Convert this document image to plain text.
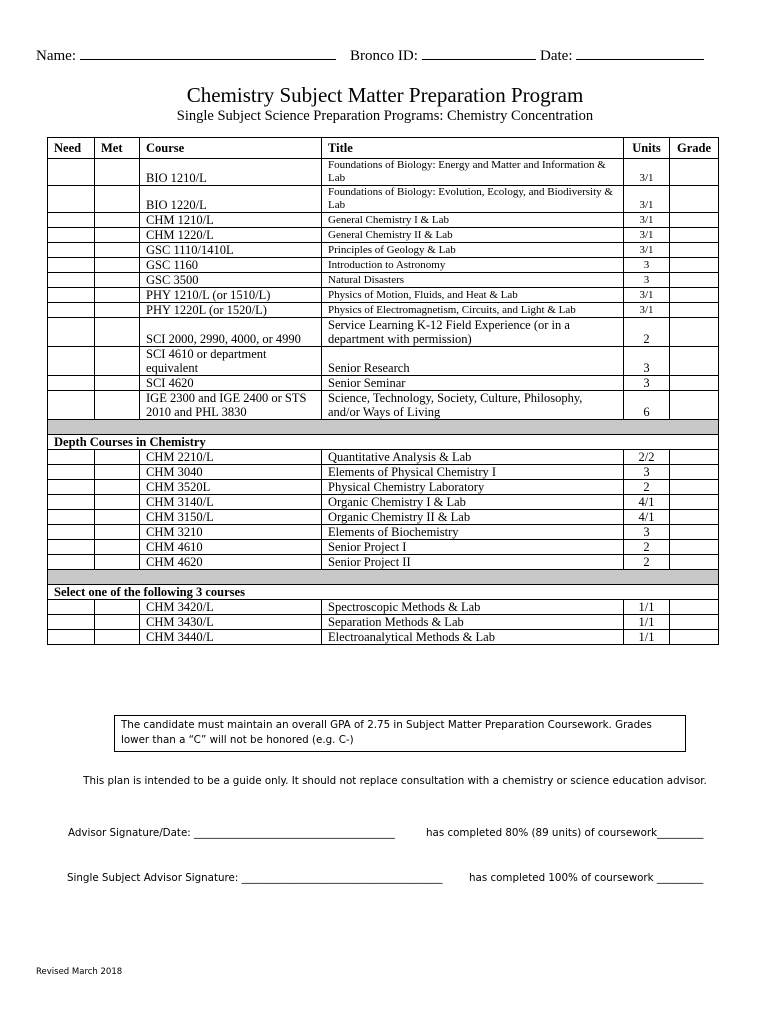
Name:	Bronco ID:	Date:
Chemistry Subject Matter Preparation Program
Single Subject Science Preparation Programs: Chemistry Concentration
Need	Met	Course	Title	Units	Grade
		BIO 1210/L	Foundations of Biology: Energy and Matter and Information & Lab	3/1	
		BIO 1220/L	Foundations of Biology: Evolution, Ecology, and Biodiversity & Lab	3/1	
		CHM 1210/L	General Chemistry I & Lab	3/1	
		CHM 1220/L	General Chemistry II & Lab	3/1	
		GSC 1110/1410L	Principles of Geology & Lab	3/1	
		GSC 1160	Introduction to Astronomy	3	
		GSC 3500	Natural Disasters	3	
		PHY 1210/L (or 1510/L)	Physics of Motion, Fluids, and Heat & Lab	3/1	
		PHY 1220L (or 1520/L)	Physics of Electromagnetism, Circuits, and Light & Lab	3/1	
		SCI 2000, 2990, 4000, or 4990	Service Learning K-12 Field Experience (or in a department with permission)	2	
		SCI 4610 or department equivalent	Senior Research	3	
		SCI 4620	Senior Seminar	3	
		IGE 2300 and IGE 2400 or STS 2010 and PHL 3830	Science, Technology, Society, Culture, Philosophy, and/or Ways of Living	6	

Depth Courses in Chemistry					
		CHM 2210/L	Quantitative Analysis & Lab	2/2	
		CHM 3040	Elements of Physical Chemistry I	3	
		CHM 3520L	Physical Chemistry Laboratory	2	
		CHM 3140/L	Organic Chemistry I & Lab	4/1	
		CHM 3150/L	Organic Chemistry II & Lab	4/1	
		CHM 3210	Elements of Biochemistry	3	
		CHM 4610	Senior Project I	2	
		CHM 4620	Senior Project II	2	

Select one of the following 3 courses					
		CHM 3420/L	Spectroscopic Methods & Lab	1/1	
		CHM 3430/L	Separation Methods & Lab	1/1	
		CHM 3440/L	Electroanalytical Methods & Lab	1/1	
The candidate must maintain an overall GPA of 2.75 in Subject Matter Preparation Coursework. Grades lower than a “C” will not be honored (e.g. C-)
This plan is intended to be a guide only. It should not replace consultation with a chemistry or science education advisor.
Advisor Signature/Date: _______________________________________	has completed 80% (89 units) of coursework_________
Single Subject Advisor Signature: _______________________________________	has completed 100% of coursework _________
Revised March 2018
